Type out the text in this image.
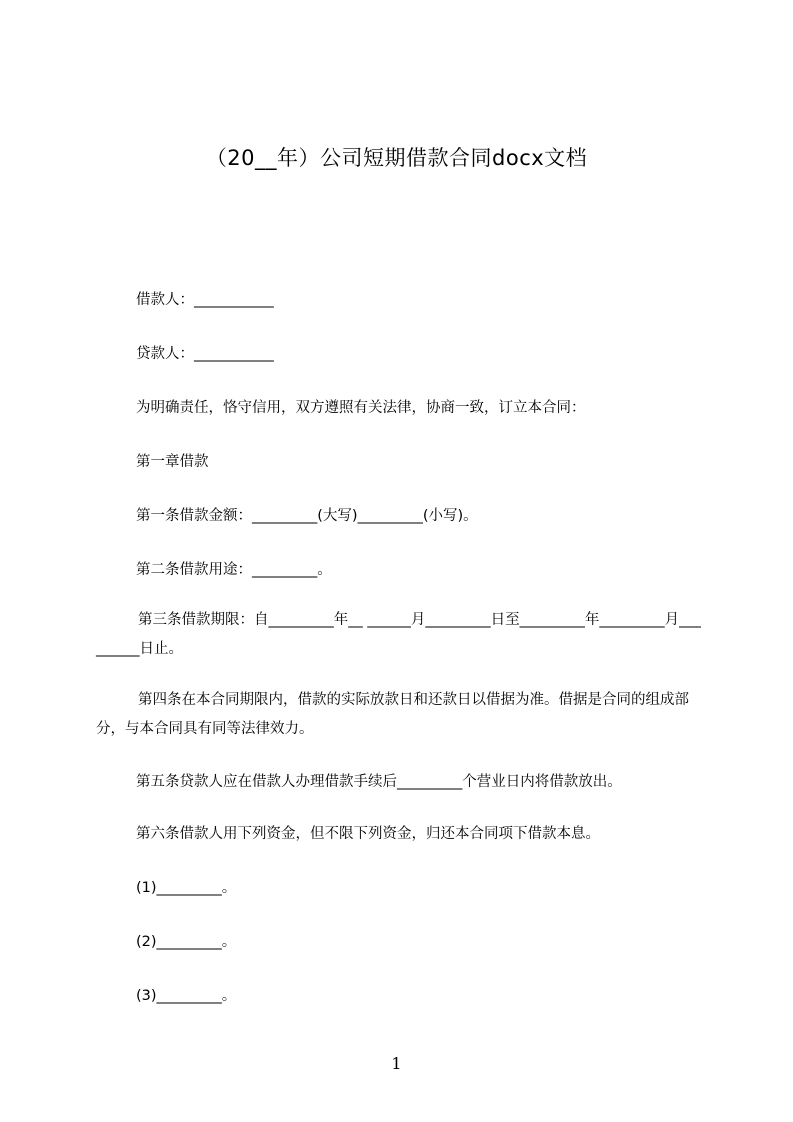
（20__年）公司短期借款合同docx文档
借款人：___________
贷款人：___________
为明确责任，恪守信用，双方遵照有关法律，协商一致，订立本合同：
第一章借款
第一条借款金额：_________(大写)_________(小写)。
第二条借款用途：_________。
第三条借款期限：自_________年__ ______月_________日至_________年_________月_________日止。
第四条在本合同期限内，借款的实际放款日和还款日以借据为准。借据是合同的组成部分，与本合同具有同等法律效力。
第五条贷款人应在借款人办理借款手续后_________个营业日内将借款放出。
第六条借款人用下列资金，但不限下列资金，归还本合同项下借款本息。
(1)_________。
(2)_________。
(3)_________。
1
